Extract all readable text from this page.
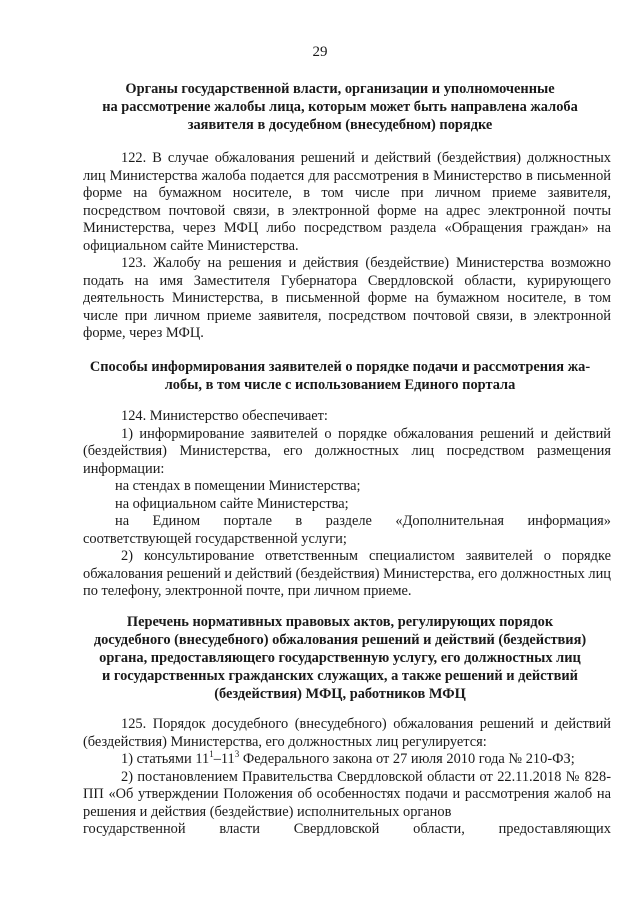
29
Органы государственной власти, организации и уполномоченные
на рассмотрение жалобы лица, которым может быть направлена жалоба
заявителя в досудебном (внесудебном) порядке

122. В случае обжалования решений и действий (бездействия) должностных лиц Министерства жалоба подается для рассмотрения в Министерство в письменной форме на бумажном носителе, в том числе при личном приеме заявителя, посредством почтовой связи, в электронной форме на адрес электронной почты Министерства, через МФЦ либо посредством раздела «Обращения граждан» на официальном сайте Министерства.

123. Жалобу на решения и действия (бездействие) Министерства возможно подать на имя Заместителя Губернатора Свердловской области, курирующего деятельность Министерства, в письменной форме на бумажном носителе, в том числе при личном приеме заявителя, посредством почтовой связи, в электронной форме, через МФЦ.

Способы информирования заявителей о порядке подачи и рассмотрения жа-
лобы, в том числе с использованием Единого портала

124. Министерство обеспечивает:

1) информирование заявителей о порядке обжалования решений и действий (бездействия) Министерства, его должностных лиц посредством размещения информации:

на стендах в помещении Министерства;

на официальном сайте Министерства;

на Едином портале в разделе «Дополнительная информация»

соответствующей государственной услуги;

2) консультирование ответственным специалистом заявителей о порядке обжалования решений и действий (бездействия) Министерства, его должностных лиц по телефону, электронной почте, при личном приеме.

Перечень нормативных правовых актов, регулирующих порядок
досудебного (внесудебного) обжалования решений и действий (бездействия)
органа, предоставляющего государственную услугу, его должностных лиц
и государственных гражданских служащих, а также решений и действий
(бездействия) МФЦ, работников МФЦ

125. Порядок досудебного (внесудебного) обжалования решений и действий (бездействия) Министерства, его должностных лиц регулируется:

1) статьями $11^1-11^3$ Федерального закона от 27 июля 2010 года № 210-ФЗ;

2) постановлением Правительства Свердловской области от 22.11.2018 № 828-ПП «Об утверждении Положения об особенностях подачи и рассмотрения жалоб на решения и действия (бездействие) исполнительных органов

государственной власти Свердловской области, предоставляющих
